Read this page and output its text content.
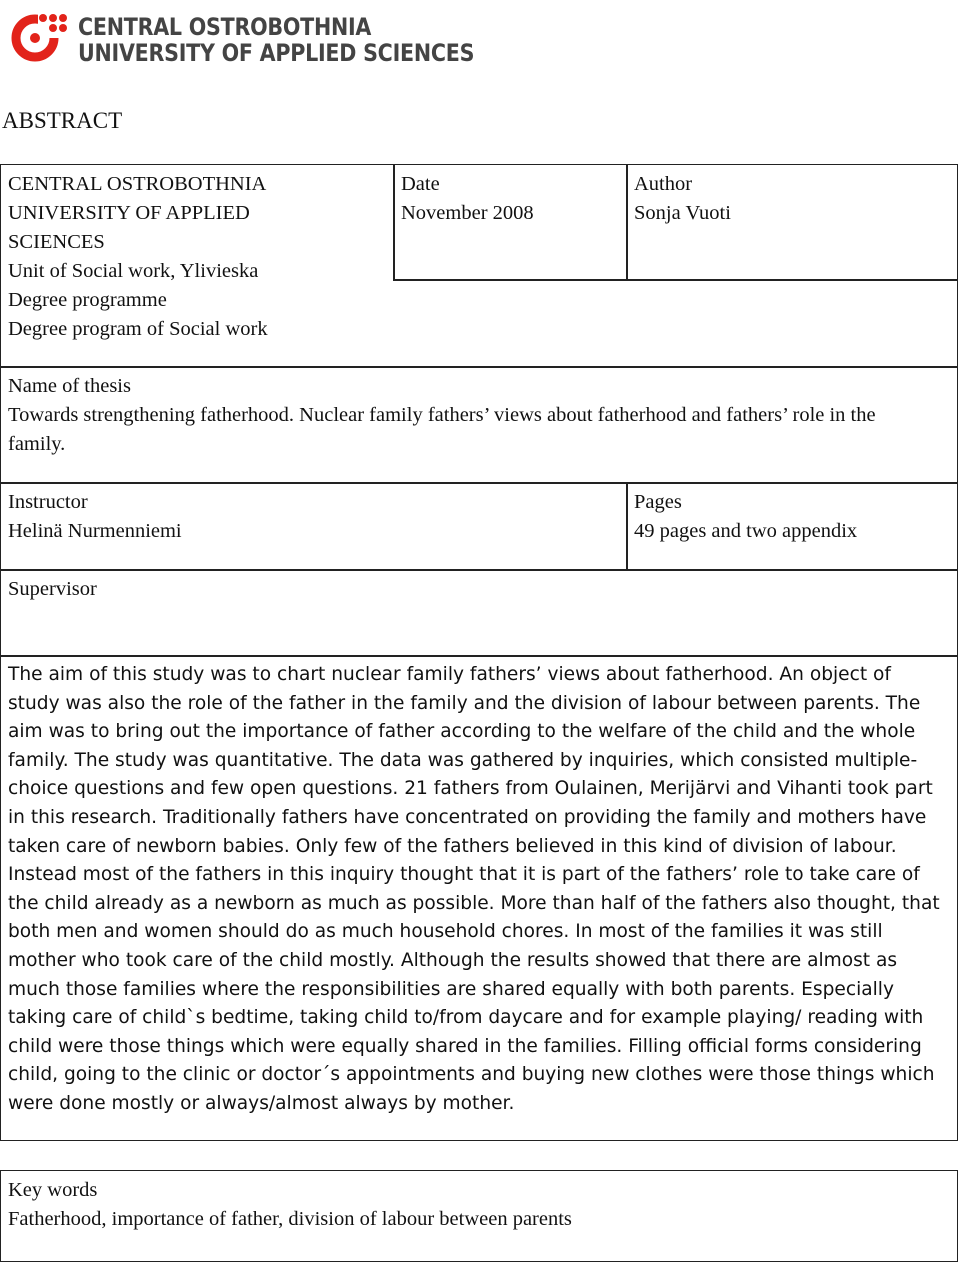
CENTRAL OSTROBOTHNIA
UNIVERSITY OF APPLIED SCIENCES
ABSTRACT
CENTRAL OSTROBOTHNIA UNIVERSITY OF APPLIED SCIENCES
Unit of Social work, Ylivieska
Date
November 2008
Author
Sonja Vuoti
Degree programme
Degree program of Social work
Name of thesis
Towards strengthening fatherhood. Nuclear family fathers’ views about fatherhood and fathers’ role in the family.
Instructor
Helinä Nurmenniemi
Pages
49 pages and two appendix
Supervisor
The aim of this study was to chart nuclear family fathers’ views about fatherhood. An object of study was also the role of the father in the family and the division of labour between parents. The aim was to bring out the importance of father according to the welfare of the child and the whole family. The study was quantitative. The data was gathered by inquiries, which consisted multiple-choice questions and few open questions. 21 fathers from Oulainen, Merijärvi and Vihanti took part in this research. Traditionally fathers have concentrated on providing the family and mothers have taken care of newborn babies. Only few of the fathers believed in this kind of division of labour. Instead most of the fathers in this inquiry thought that it is part of the fathers’ role to take care of the child already as a newborn as much as possible. More than half of the fathers also thought, that both men and women should do as much household chores. In most of the families it was still mother who took care of the child mostly. Although the results showed that there are almost as much those families where the responsibilities are shared equally with both parents. Especially taking care of child`s bedtime, taking child to/from daycare and for example playing/ reading with child were those things which were equally shared in the families. Filling official forms considering child, going to the clinic or doctor´s appointments and buying new clothes were those things which were done mostly or always/almost always by mother.
Key words
Fatherhood, importance of father, division of labour between parents
